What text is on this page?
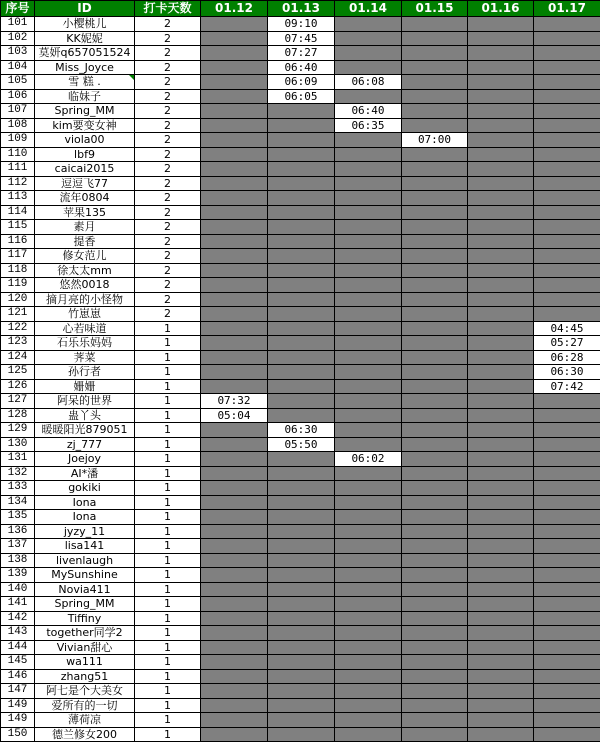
序号	ID	打卡天数	01.12	01.13	01.14	01.15	01.16	01.17
101	小樱桃儿	2		09:10				
102	KK妮妮	2		07:45				
103	莫妍q657051524	2		07:27				
104	Miss_Joyce	2		06:40				
105	雪 糕 .	2		06:09	06:08			
106	临妹子	2		06:05				
107	Spring_MM	2			06:40			
108	kim要变女神	2			06:35			
109	viola00	2				07:00		
110	lbf9	2						
111	caicai2015	2						
112	逗逗飞77	2						
113	流年0804	2						
114	苹果135	2						
115	素月	2						
116	提香	2						
117	修女范儿	2						
118	徐太太mm	2						
119	悠然0018	2						
120	摘月亮的小怪物	2						
121	竹崽崽	2						
122	心若味道	1						04:45
123	石乐乐妈妈	1						05:27
124	荠菜	1						06:28
125	孙行者	1						06:30
126	姗姗	1						07:42
127	阿呆的世界	1	07:32					
128	蛊丫头	1	05:04					
129	暖暖阳光879051	1		06:30				
130	zj_777	1		05:50				
131	Joejoy	1			06:02			
132	AI*潘	1						
133	gokiki	1						
134	Iona	1						
135	Iona	1						
136	jyzy_11	1						
137	lisa141	1						
138	livenlaugh	1						
139	MySunshine	1						
140	Novia411	1						
141	Spring_MM	1						
142	Tiffiny	1						
143	together同学2	1						
144	Vivian甜心	1						
145	wa111	1						
146	zhang51	1						
147	阿七是个大美女	1						
149	爱所有的一切	1						
149	薄荷凉	1						
150	德兰修女200	1						
